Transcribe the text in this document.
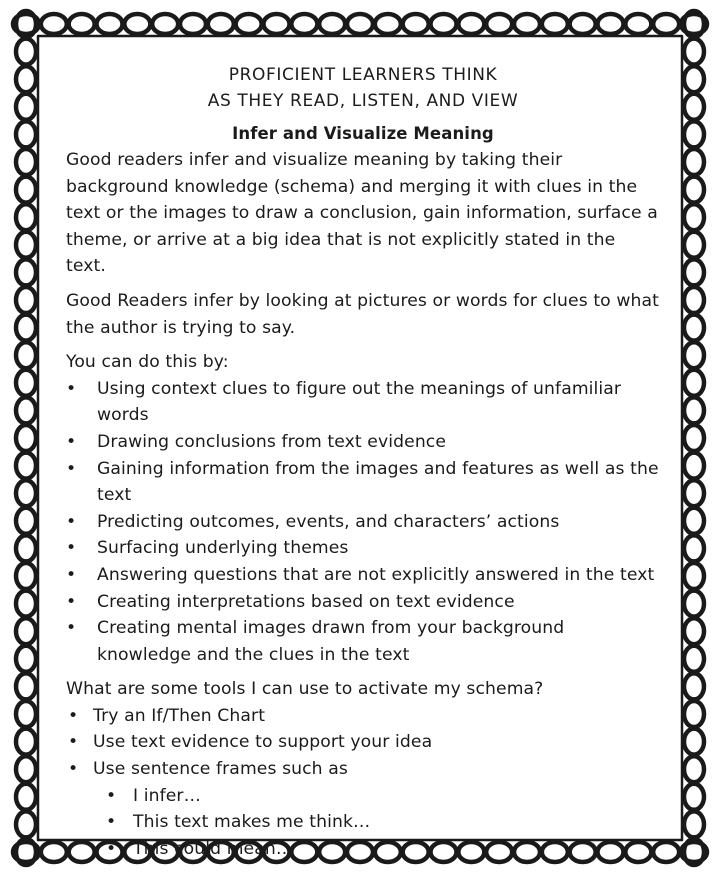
PROFICIENT LEARNERS THINK
AS THEY READ, LISTEN, AND VIEW
Infer and Visualize Meaning

Good readers infer and visualize meaning by taking their background knowledge (schema) and merging it with clues in the text or the images to draw a conclusion, gain information, surface a theme, or arrive at a big idea that is not explicitly stated in the text.

Good Readers infer by looking at pictures or words for clues to what the author is trying to say.

You can do this by:

• Using context clues to figure out the meanings of unfamiliar words
• Drawing conclusions from text evidence
• Gaining information from the images and features as well as the text
• Predicting outcomes, events, and characters’ actions
• Surfacing underlying themes
• Answering questions that are not explicitly answered in the text
• Creating interpretations based on text evidence
• Creating mental images drawn from your background knowledge and the clues in the text

What are some tools I can use to activate my schema?

• Try an If/Then Chart
• Use text evidence to support your idea
• Use sentence frames such as
• I infer…
• This text makes me think…
• This could mean…
